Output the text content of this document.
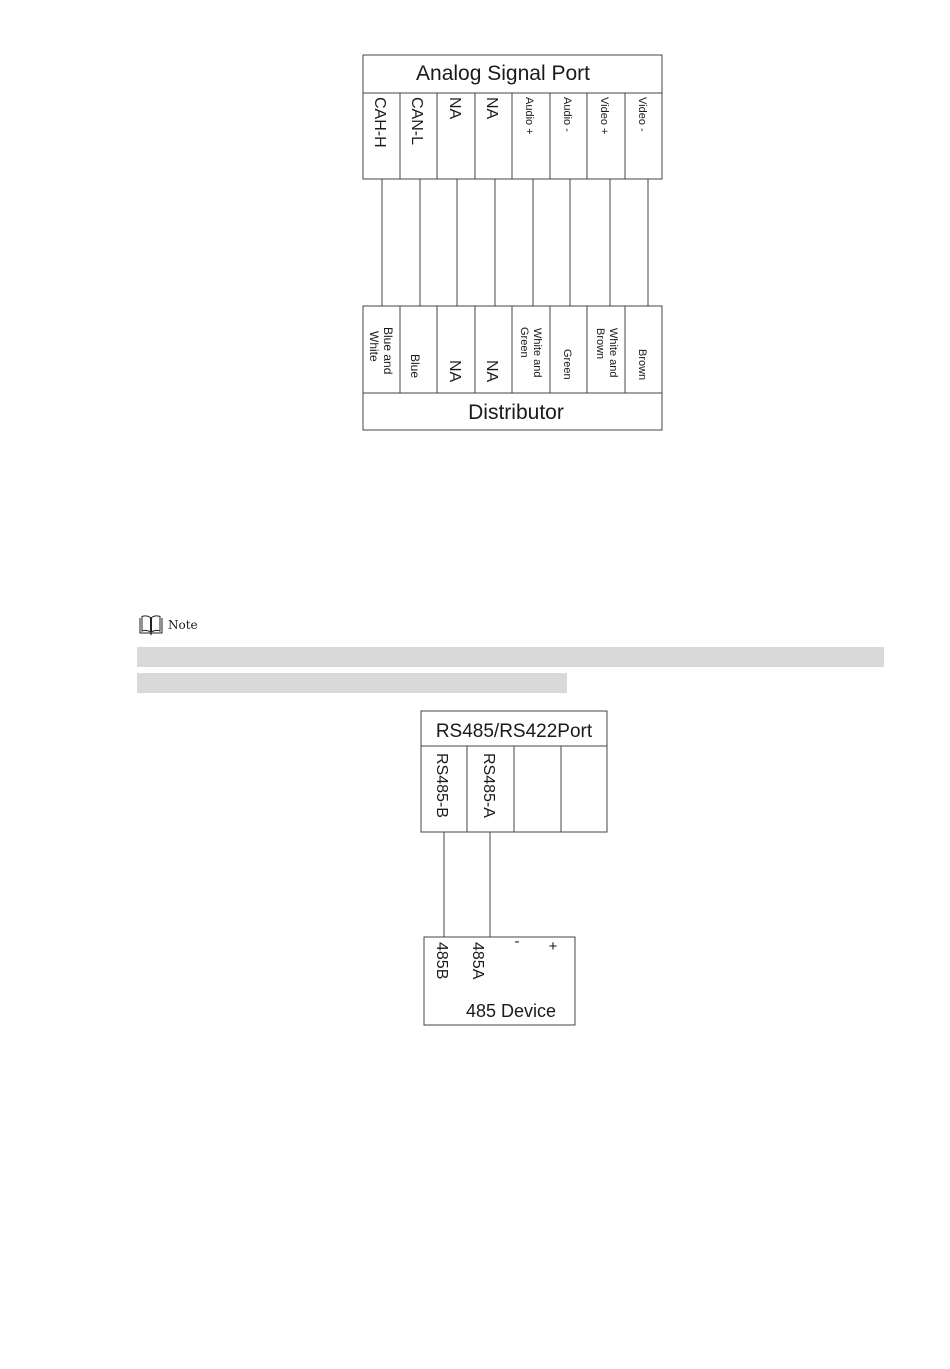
Analog Signal Port
CAH-H CAN-L NA NA Audio + Audio - Video + Video -
Blue and
White
Blue NA NA	White and
Green
Green	White and
Brown
Brown
Distributor
RS485/RS422Port
RS485-B RS485-A
485B 485A
- +
485 Device
Note
